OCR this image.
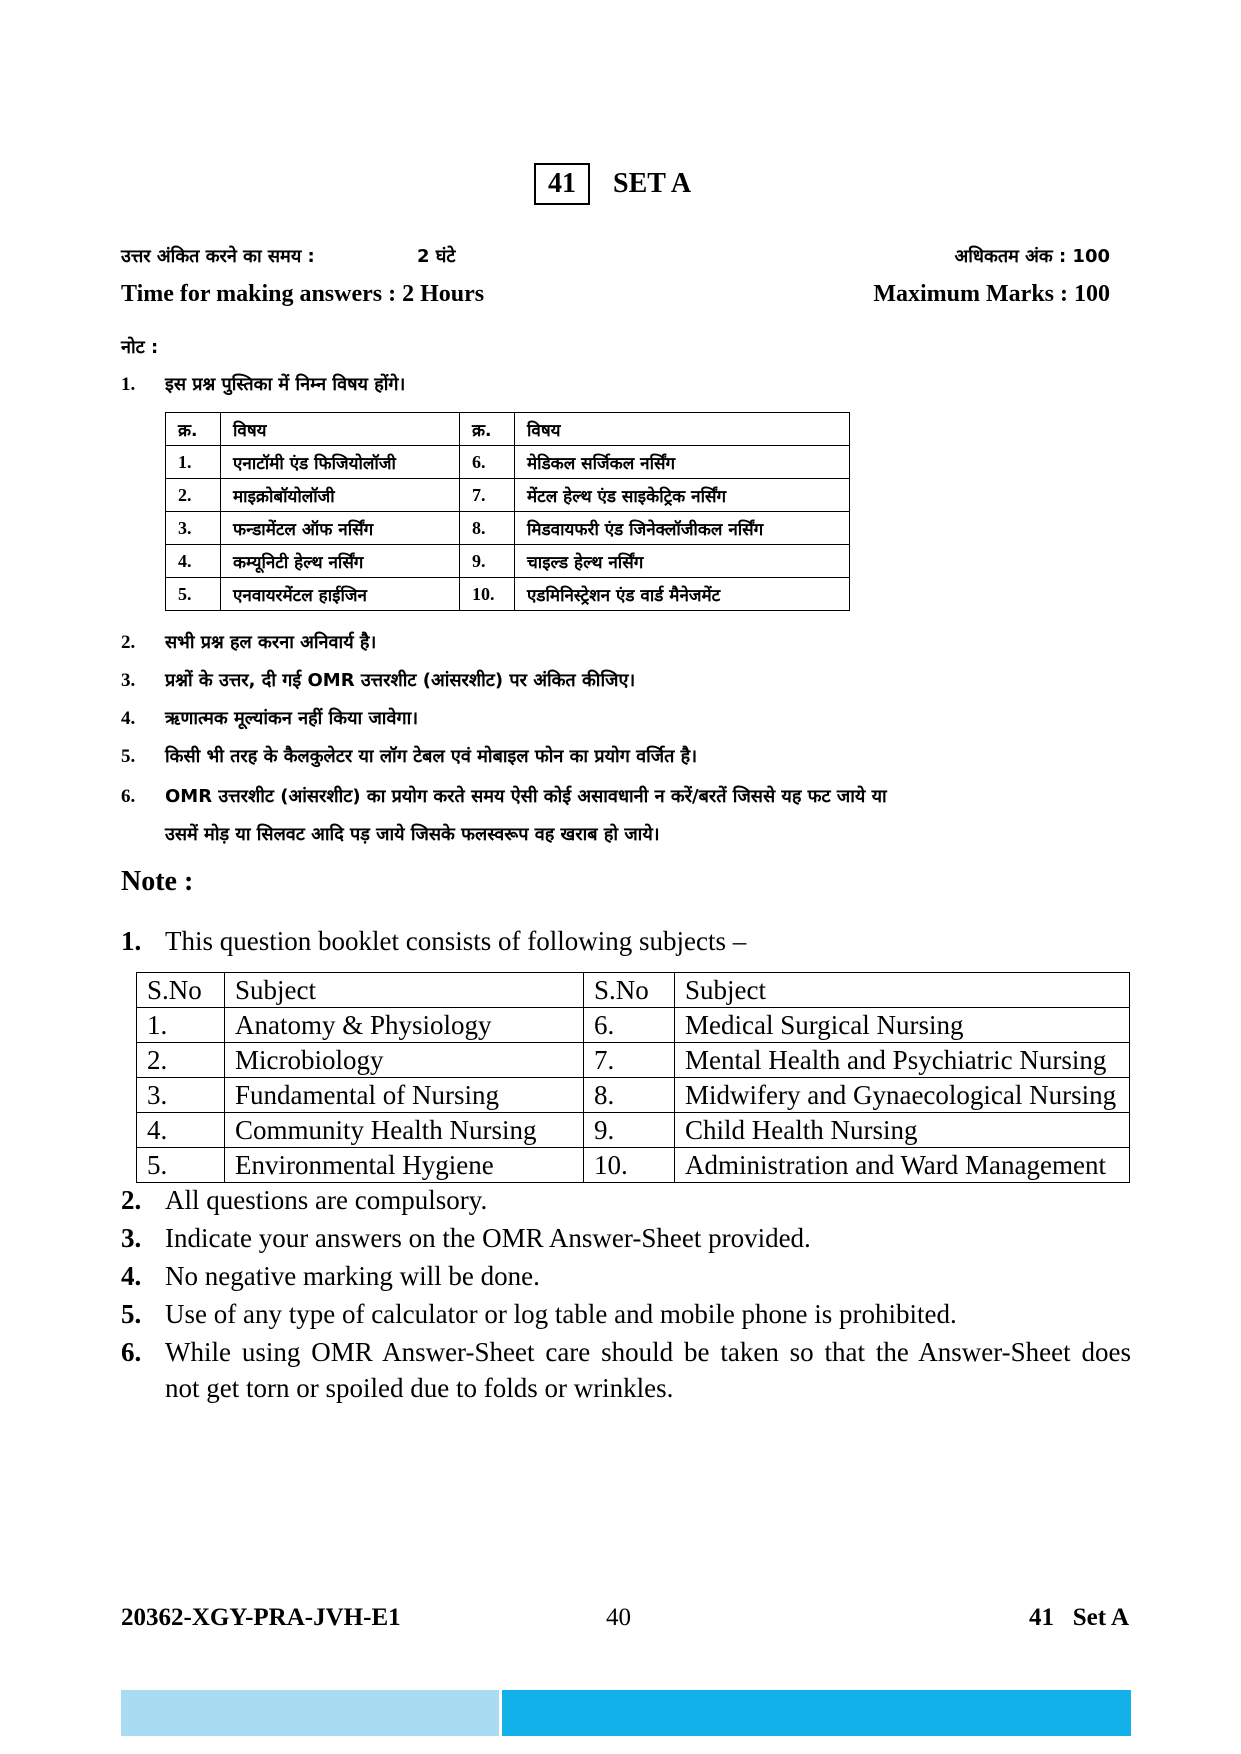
41	SET A
उत्तर अंकित करने का समय :	2 घंटे	अधिकतम अंक : 100
Time for making answers : 2 Hours	Maximum Marks : 100
नोट :
1. इस प्रश्न पुस्तिका में निम्न विषय होंगे।
क्र.	विषय	क्र.	विषय
1.	एनाटॉमी एंड फिजियोलॉजी	6.	मेडिकल सर्जिकल नर्सिंग
2.	माइक्रोबॉयोलॉजी	7.	मेंटल हेल्थ एंड साइकेट्रिक नर्सिंग
3.	फन्डामेंटल ऑफ नर्सिंग	8.	मिडवायफरी एंड जिनेक्लॉजीकल नर्सिंग
4.	कम्यूनिटी हेल्थ नर्सिंग	9.	चाइल्ड हेल्थ नर्सिंग
5.	एनवायरमेंटल हाईजिन	10.	एडमिनिस्ट्रेशन एंड वार्ड मैनेजमेंट
2. सभी प्रश्न हल करना अनिवार्य है।
3. प्रश्नों के उत्तर, दी गई OMR उत्तरशीट (आंसरशीट) पर अंकित कीजिए।
4. ऋणात्मक मूल्यांकन नहीं किया जावेगा।
5. किसी भी तरह के कैलकुलेटर या लॉग टेबल एवं मोबाइल फोन का प्रयोग वर्जित है।
6. OMR उत्तरशीट (आंसरशीट) का प्रयोग करते समय ऐसी कोई असावधानी न करें/बरतें जिससे यह फट जाये या
उसमें मोड़ या सिलवट आदि पड़ जाये जिसके फलस्वरूप वह खराब हो जाये।
Note :
1. This question booklet consists of following subjects –
S.No	Subject	S.No	Subject
1.	Anatomy & Physiology	6.	Medical Surgical Nursing
2.	Microbiology	7.	Mental Health and Psychiatric Nursing
3.	Fundamental of Nursing	8.	Midwifery and Gynaecological Nursing
4.	Community Health Nursing	9.	Child Health Nursing
5.	Environmental Hygiene	10.	Administration and Ward Management
2. All questions are compulsory.
3. Indicate your answers on the OMR Answer-Sheet provided.
4. No negative marking will be done.
5. Use of any type of calculator or log table and mobile phone is prohibited.
6. While using OMR Answer-Sheet care should be taken so that the Answer-Sheet does
not get torn or spoiled due to folds or wrinkles.
20362-XGY-PRA-JVH-E1	40	41   Set A
